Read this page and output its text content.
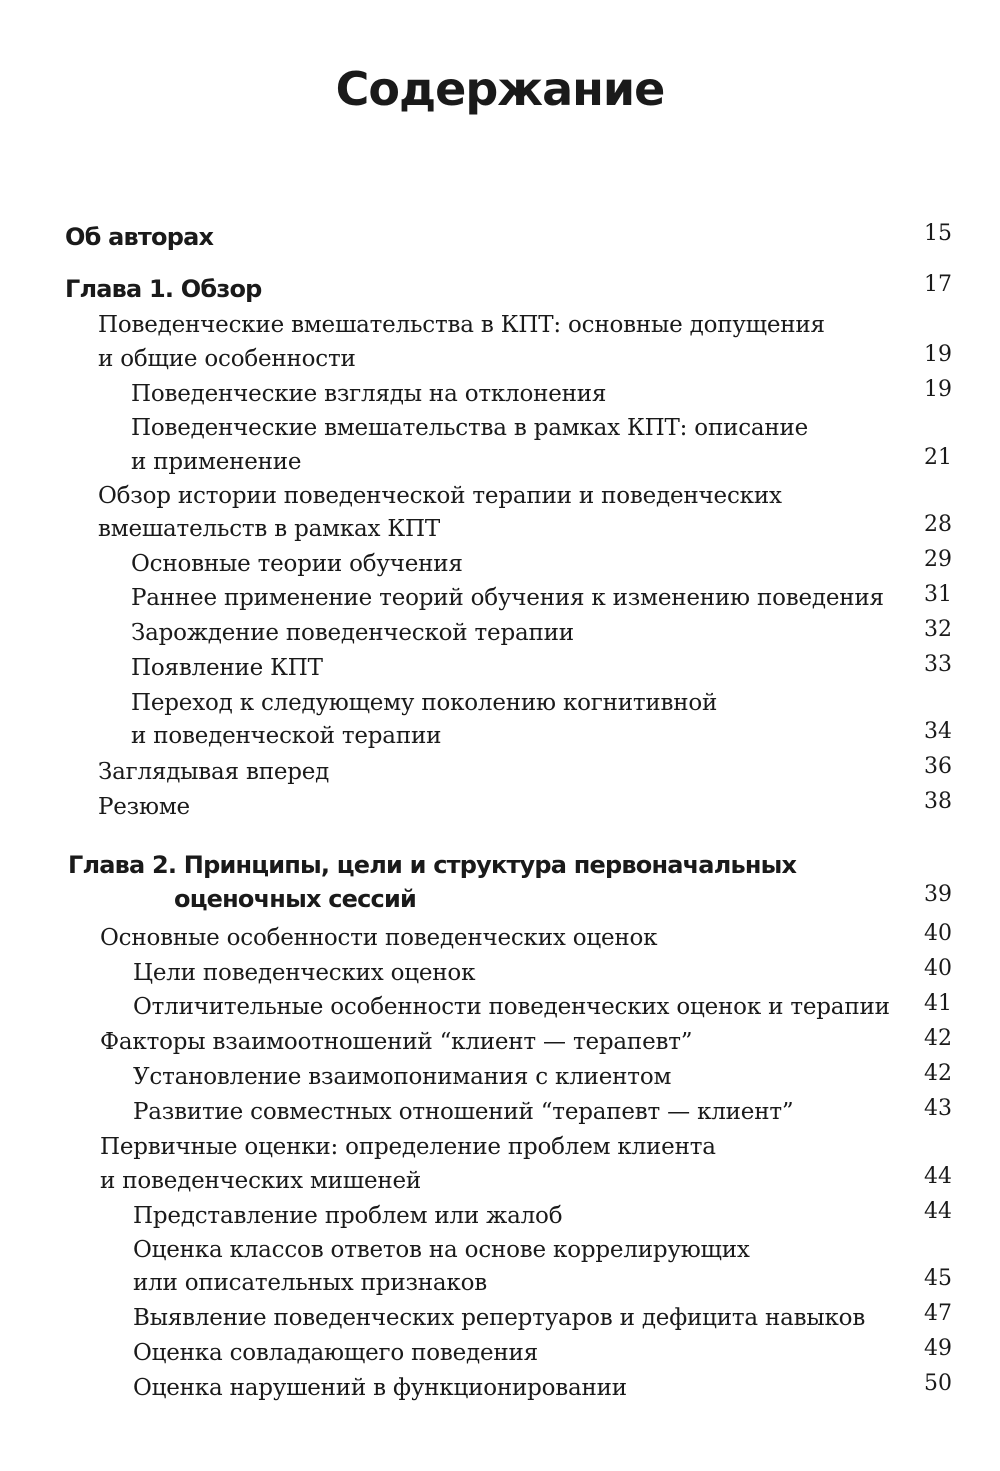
Содержание
Об авторах	15
Глава 1. Обзор	17
Поведенческие вмешательства в КПТ: основные допущения
и общие особенности	19
Поведенческие взгляды на отклонения	19
Поведенческие вмешательства в рамках КПТ: описание
и применение	21
Обзор истории поведенческой терапии и поведенческих
вмешательств в рамках КПТ	28
Основные теории обучения	29
Раннее применение теорий обучения к изменению поведения 31
Зарождение поведенческой терапии	32
Появление КПТ	33
Переход к следующему поколению когнитивной
и поведенческой терапии	34
Заглядывая вперед	36
Резюме	38
Глава 2. Принципы, цели и структура первоначальных
оценочных сессий	39
Основные особенности поведенческих оценок	40
Цели поведенческих оценок	40
Отличительные особенности поведенческих оценок и терапии 41
Факторы взаимоотношений “клиент — терапевт”	42
Установление взаимопонимания с клиентом	42
Развитие совместных отношений “терапевт — клиент”	43
Первичные оценки: определение проблем клиента
и поведенческих мишеней	44
Представление проблем или жалоб	44
Оценка классов ответов на основе коррелирующих
или описательных признаков	45
Выявление поведенческих репертуаров и дефицита навыков	47
Оценка совладающего поведения	49
Оценка нарушений в функционировании	50
